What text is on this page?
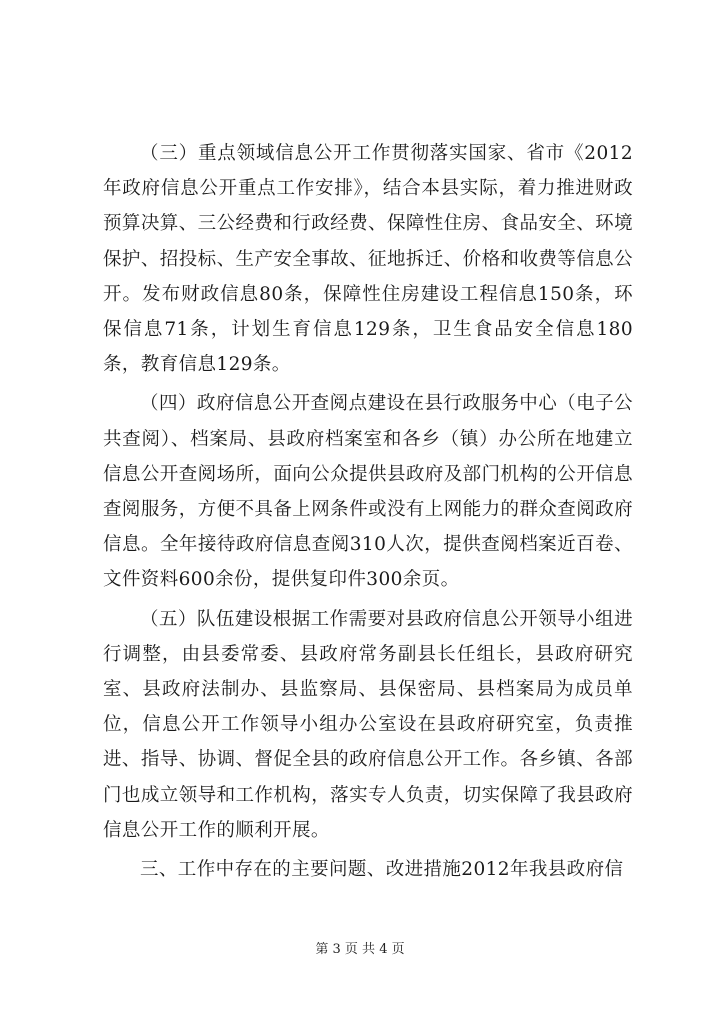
（三）重点领域信息公开工作贯彻落实国家、省市《2012年政府信息公开重点工作安排》，结合本县实际，着力推进财政预算决算、三公经费和行政经费、保障性住房、食品安全、环境保护、招投标、生产安全事故、征地拆迁、价格和收费等信息公开。发布财政信息80条，保障性住房建设工程信息150条，环保信息71条，计划生育信息129条，卫生食品安全信息180条，教育信息129条。

（四）政府信息公开查阅点建设在县行政服务中心（电子公共查阅）、档案局、县政府档案室和各乡（镇）办公所在地建立信息公开查阅场所，面向公众提供县政府及部门机构的公开信息查阅服务，方便不具备上网条件或没有上网能力的群众查阅政府信息。全年接待政府信息查阅310人次，提供查阅档案近百卷、文件资料600余份，提供复印件300余页。

（五）队伍建设根据工作需要对县政府信息公开领导小组进行调整，由县委常委、县政府常务副县长任组长，县政府研究室、县政府法制办、县监察局、县保密局、县档案局为成员单位，信息公开工作领导小组办公室设在县政府研究室，负责推进、指导、协调、督促全县的政府信息公开工作。各乡镇、各部门也成立领导和工作机构，落实专人负责，切实保障了我县政府信息公开工作的顺利开展。

三、工作中存在的主要问题、改进措施2012年我县政府信

第 3 页 共 4 页
